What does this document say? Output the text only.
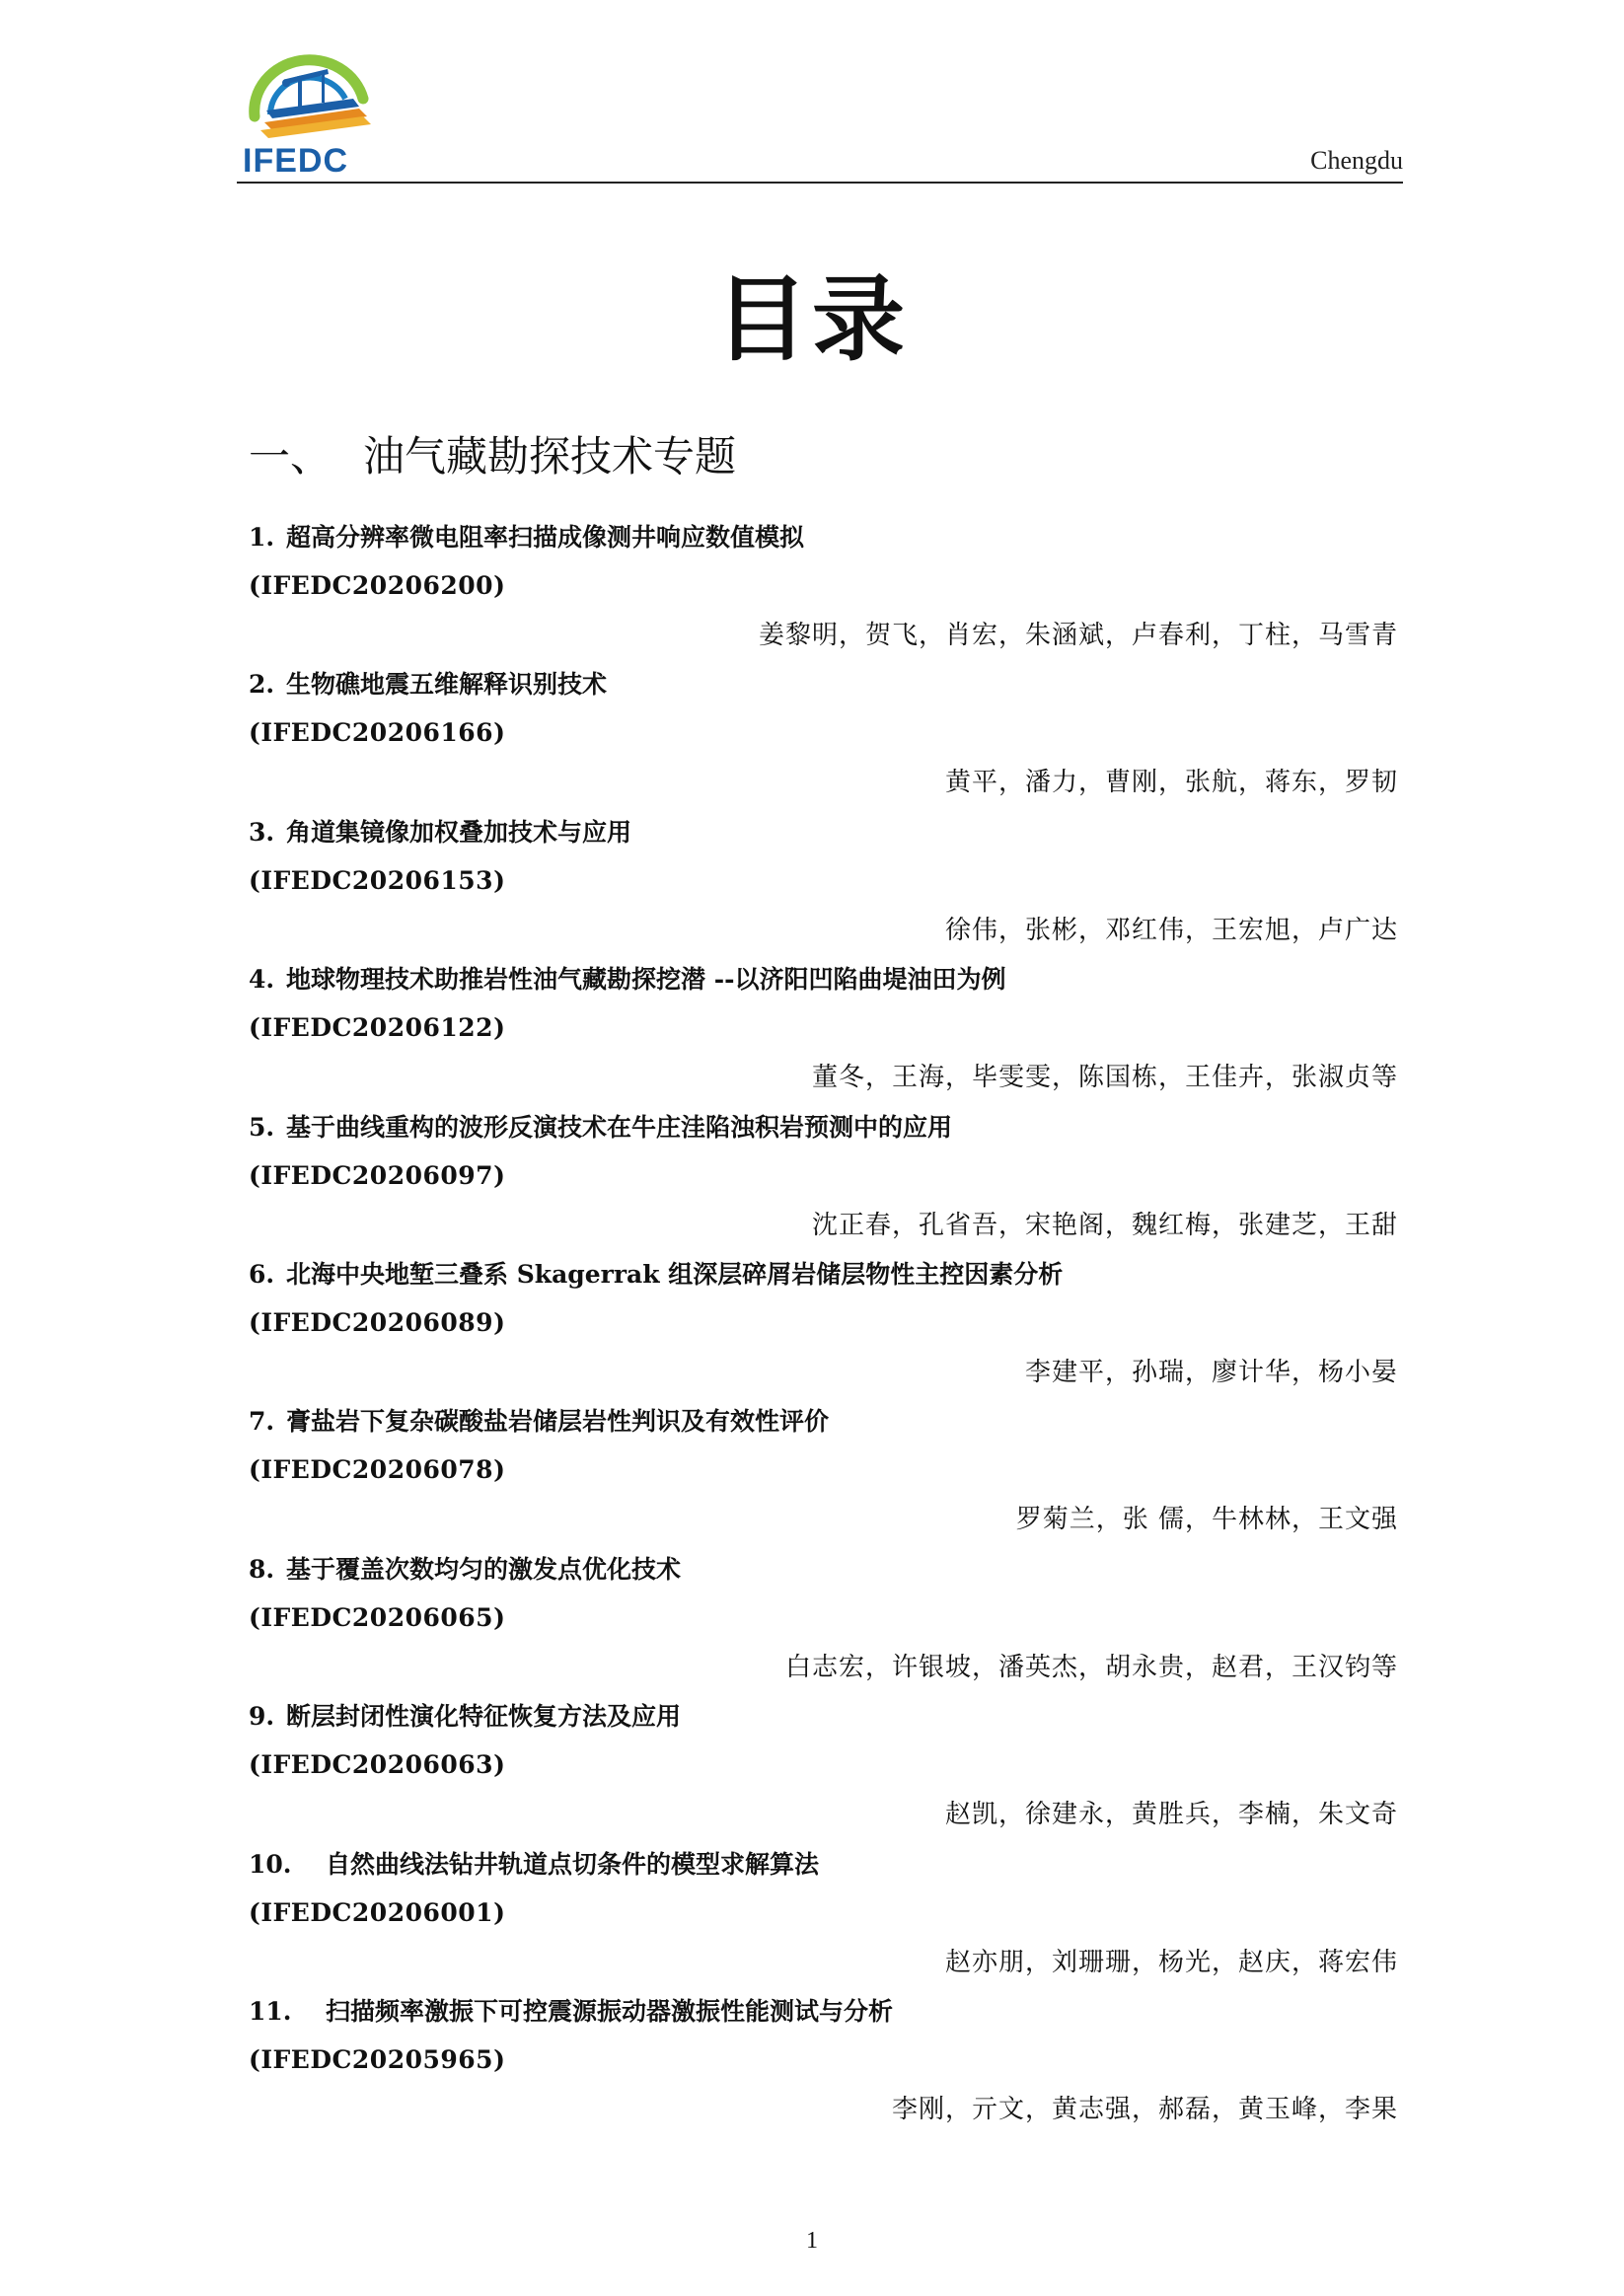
IFEDC	Chengdu
目录
一、 油气藏勘探技术专题
1. 超高分辨率微电阻率扫描成像测井响应数值模拟
(IFEDC20206200)
姜黎明，贺飞，肖宏，朱涵斌，卢春利，丁柱，马雪青
2. 生物礁地震五维解释识别技术
(IFEDC20206166)
黄平，潘力，曹刚，张航，蒋东，罗韧
3. 角道集镜像加权叠加技术与应用
(IFEDC20206153)
徐伟，张彬，邓红伟，王宏旭，卢广达
4. 地球物理技术助推岩性油气藏勘探挖潜 --以济阳凹陷曲堤油田为例
(IFEDC20206122)
董冬，王海，毕雯雯，陈国栋，王佳卉，张淑贞等
5. 基于曲线重构的波形反演技术在牛庄洼陷浊积岩预测中的应用
(IFEDC20206097)
沈正春，孔省吾，宋艳阁，魏红梅，张建芝，王甜
6. 北海中央地堑三叠系 Skagerrak 组深层碎屑岩储层物性主控因素分析
(IFEDC20206089)
李建平，孙瑞，廖计华，杨小晏
7. 膏盐岩下复杂碳酸盐岩储层岩性判识及有效性评价
(IFEDC20206078)
罗菊兰，张 儒，牛林林，王文强
8. 基于覆盖次数均匀的激发点优化技术
(IFEDC20206065)
白志宏，许银坡，潘英杰，胡永贵，赵君，王汉钧等
9. 断层封闭性演化特征恢复方法及应用
(IFEDC20206063)
赵凯，徐建永，黄胜兵，李楠，朱文奇
10. 自然曲线法钻井轨道点切条件的模型求解算法
(IFEDC20206001)
赵亦朋，刘珊珊，杨光，赵庆，蒋宏伟
11. 扫描频率激振下可控震源振动器激振性能测试与分析
(IFEDC20205965)
李刚，亓文，黄志强，郝磊，黄玉峰，李果
1
